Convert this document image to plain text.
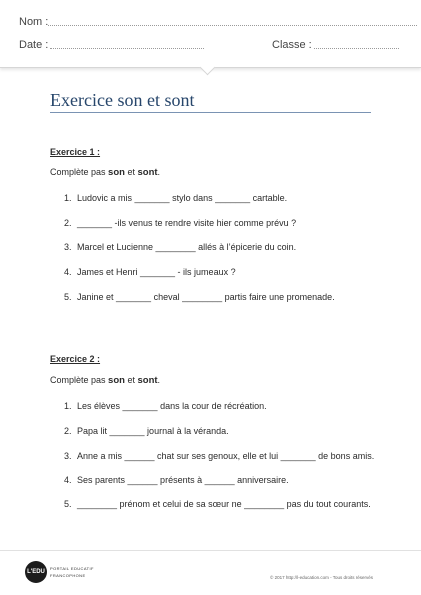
Nom :
Date :	Classe :
Exercice son et sont

Exercice 1 :

Complète pas son et sont.

1. Ludovic a mis _______ stylo dans _______ cartable.
2. _______ -ils venus te rendre visite hier comme prévu ?
3. Marcel et Lucienne ________ allés à l’épicerie du coin.
4. James et Henri _______ - ils jumeaux ?
5. Janine et _______ cheval ________ partis faire une promenade.

Exercice 2 :

Complète pas son et sont.

1. Les élèves _______ dans la cour de récréation.
2. Papa lit _______ journal à la véranda.
3. Anne a mis ______ chat sur ses genoux, elle et lui _______ de bons amis.
4. Ses parents ______ présents à ______ anniversaire.
5. ________ prénom et celui de sa sœur ne ________ pas du tout courants.
L'EDU
PORTAIL EDUCATIF
FRANCOPHONE	© 2017 http://l-education.com - Tous droits réservés
